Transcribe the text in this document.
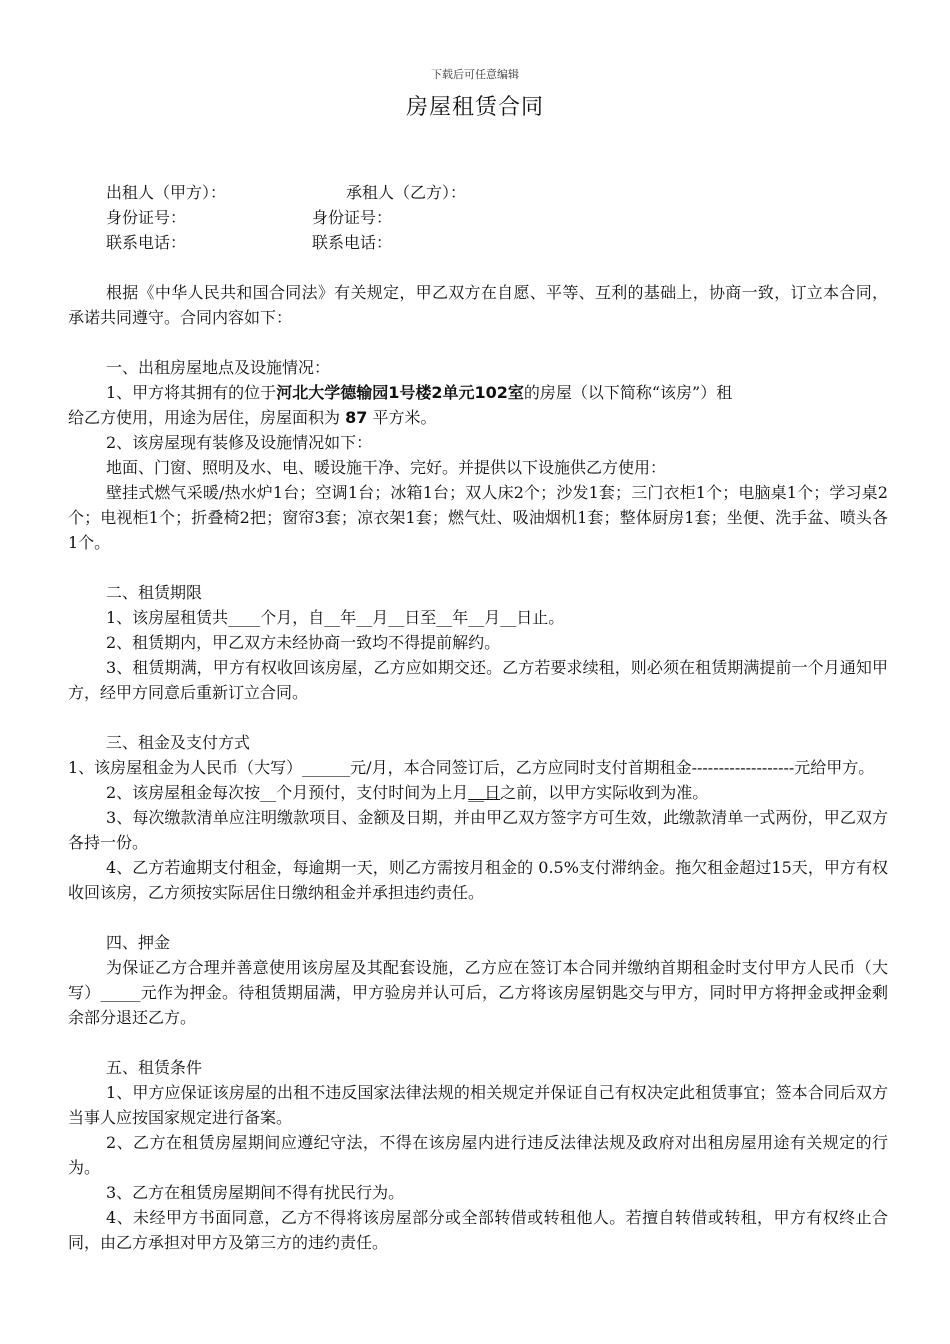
下载后可任意编辑
房屋租赁合同
出租人（甲方）：	承租人（乙方）：
身份证号：	身份证号：
联系电话：	联系电话：
根据《中华人民共和国合同法》有关规定，甲乙双方在自愿、平等、互利的基础上，协商一致，订立本合同，承诺共同遵守。合同内容如下：
一、出租房屋地点及设施情况：
1、甲方将其拥有的位于河北大学德输园1号楼2单元102室的房屋（以下简称“该房”）租
给乙方使用，用途为居住，房屋面积为 87 平方米。
2、该房屋现有装修及设施情况如下：
地面、门窗、照明及水、电、暖设施干净、完好。并提供以下设施供乙方使用：
壁挂式燃气采暖/热水炉1台；空调1台；冰箱1台；双人床2个；沙发1套；三门衣柜1个；电脑桌1个；学习桌2个；电视柜1个；折叠椅2把；窗帘3套；凉衣架1套；燃气灶、吸油烟机1套；整体厨房1套；坐便、洗手盆、喷头各1个。
二、租赁期限
1、该房屋租赁共____个月，自__年__月__日至__年__月__日止。
2、租赁期内，甲乙双方未经协商一致均不得提前解约。
3、租赁期满，甲方有权收回该房屋，乙方应如期交还。乙方若要求续租，则必须在租赁期满提前一个月通知甲方，经甲方同意后重新订立合同。
三、租金及支付方式
1、该房屋租金为人民币（大写）______元/月，本合同签订后，乙方应同时支付首期租金-------------------元给甲方。
2、该房屋租金每次按__个月预付，支付时间为上月__日之前，以甲方实际收到为准。
3、每次缴款清单应注明缴款项目、金额及日期，并由甲乙双方签字方可生效，此缴款清单一式两份，甲乙双方各持一份。
4、乙方若逾期支付租金，每逾期一天，则乙方需按月租金的 0.5%支付滞纳金。拖欠租金超过15天，甲方有权收回该房，乙方须按实际居住日缴纳租金并承担违约责任。
四、押金
为保证乙方合理并善意使用该房屋及其配套设施，乙方应在签订本合同并缴纳首期租金时支付甲方人民币（大写）_____元作为押金。待租赁期届满，甲方验房并认可后，乙方将该房屋钥匙交与甲方，同时甲方将押金或押金剩余部分退还乙方。
五、租赁条件
1、甲方应保证该房屋的出租不违反国家法律法规的相关规定并保证自己有权决定此租赁事宜；签本合同后双方当事人应按国家规定进行备案。
2、乙方在租赁房屋期间应遵纪守法，不得在该房屋内进行违反法律法规及政府对出租房屋用途有关规定的行为。
3、乙方在租赁房屋期间不得有扰民行为。
4、未经甲方书面同意，乙方不得将该房屋部分或全部转借或转租他人。若擅自转借或转租，甲方有权终止合同，由乙方承担对甲方及第三方的违约责任。
